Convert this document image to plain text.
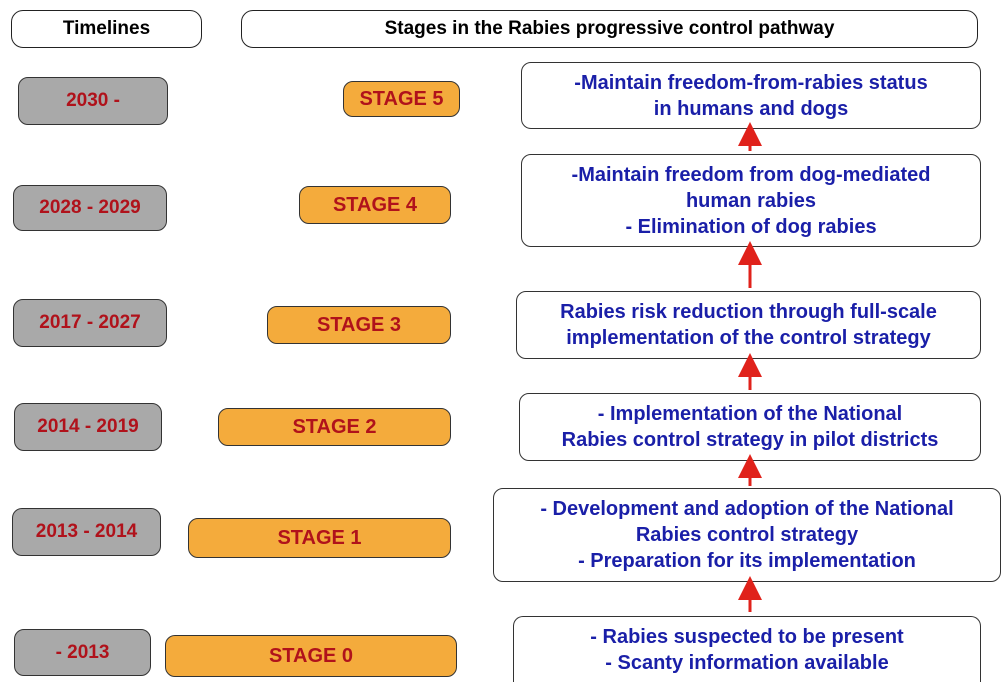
Timelines	Stages in the Rabies progressive control pathway
2030 -	STAGE 5
-Maintain freedom-from-rabies status
in humans and dogs
2028 - 2029	STAGE 4
-Maintain freedom from dog-mediated
human rabies
- Elimination of dog rabies
2017 - 2027	STAGE 3
Rabies risk reduction through full-scale
implementation of the control strategy
2014 - 2019	STAGE 2
- Implementation of the National
Rabies control strategy in pilot districts
2013 - 2014	STAGE 1
- Development and adoption of the National
Rabies control strategy
- Preparation for its implementation
- 2013	STAGE 0
- Rabies suspected to be present
- Scanty information available
